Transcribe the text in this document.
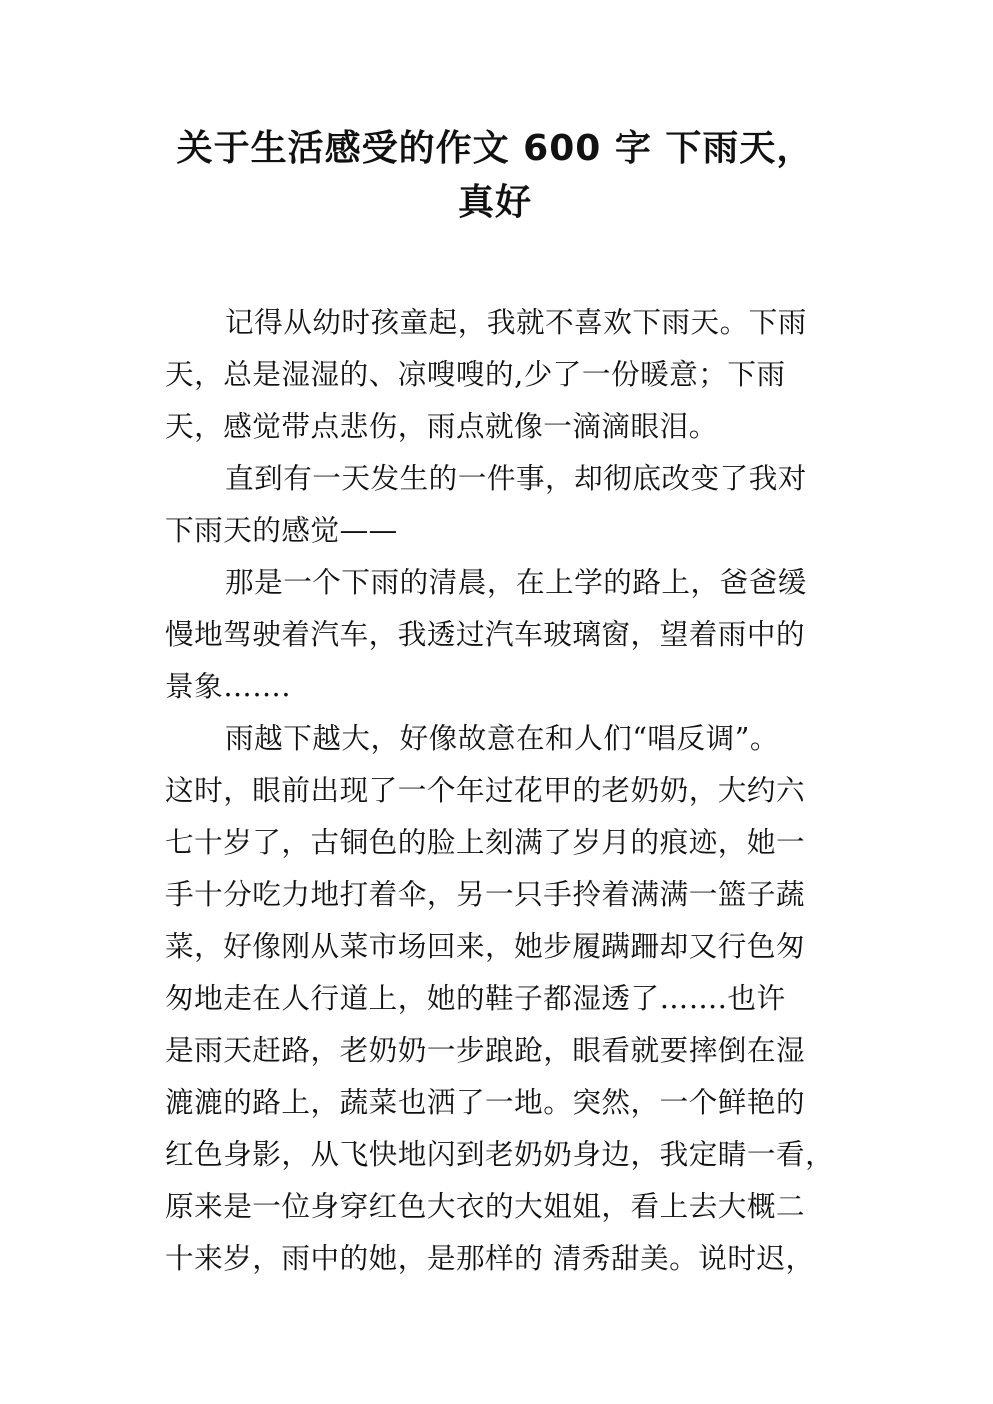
关于生活感受的作文 600 字 下雨天，
真好
记得从幼时孩童起，我就不喜欢下雨天。下雨
天，总是湿湿的、凉嗖嗖的,少了一份暖意；下雨
天，感觉带点悲伤，雨点就像一滴滴眼泪。
直到有一天发生的一件事，却彻底改变了我对
下雨天的感觉——
那是一个下雨的清晨，在上学的路上，爸爸缓
慢地驾驶着汽车，我透过汽车玻璃窗，望着雨中的
景象…….
雨越下越大，好像故意在和人们“唱反调”。
这时，眼前出现了一个年过花甲的老奶奶，大约六
七十岁了，古铜色的脸上刻满了岁月的痕迹，她一
手十分吃力地打着伞，另一只手拎着满满一篮子蔬
菜，好像刚从菜市场回来，她步履蹒跚却又行色匆
匆地走在人行道上，她的鞋子都湿透了…….也许
是雨天赶路，老奶奶一步踉跄，眼看就要摔倒在湿
漉漉的路上，蔬菜也洒了一地。突然，一个鲜艳的
红色身影，从飞快地闪到老奶奶身边，我定睛一看，
原来是一位身穿红色大衣的大姐姐，看上去大概二
十来岁，雨中的她，是那样的 清秀甜美。说时迟，
